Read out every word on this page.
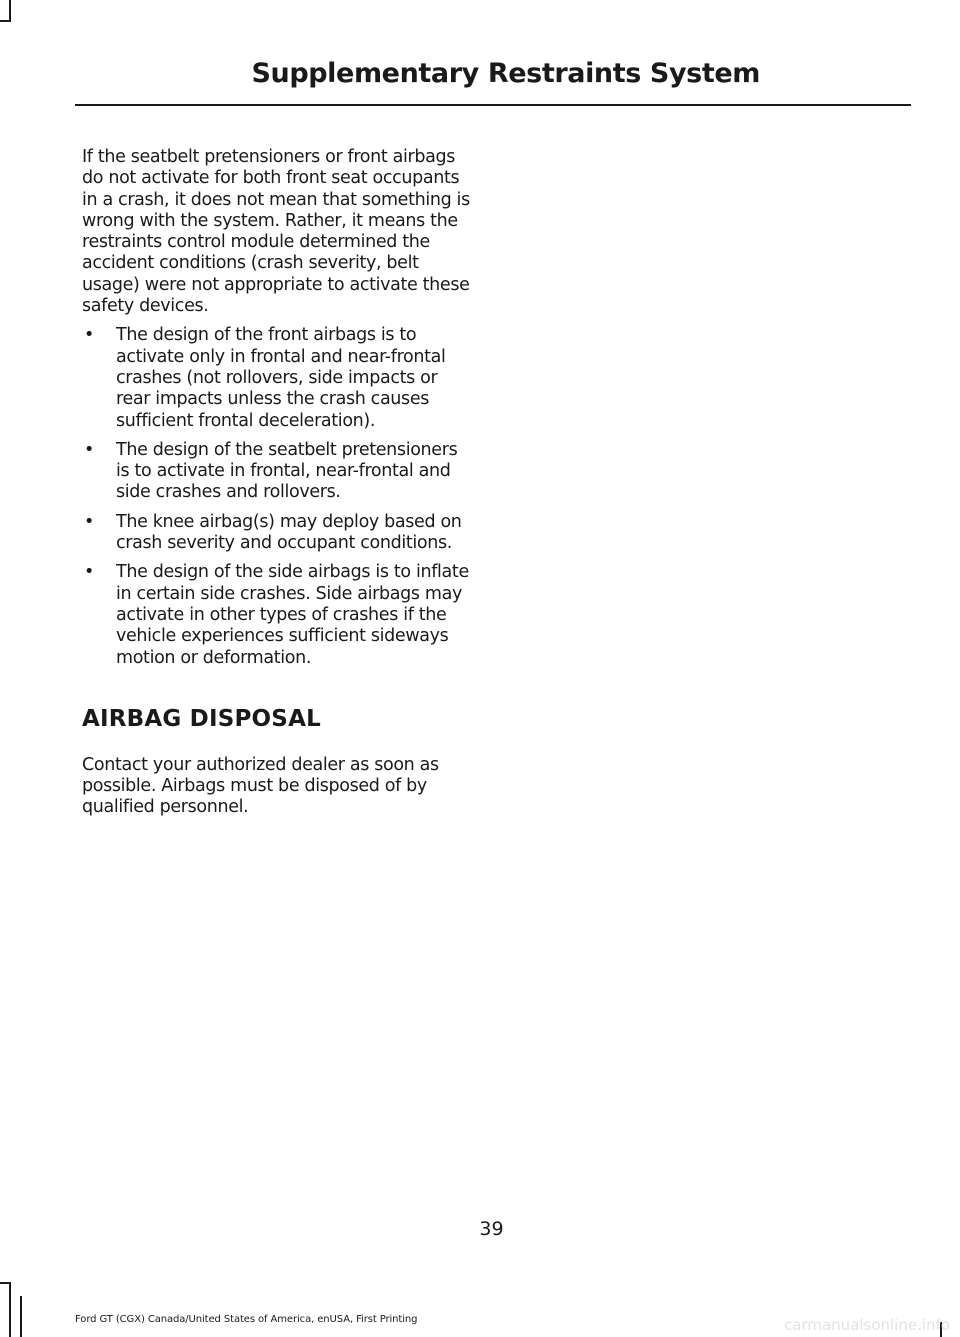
Supplementary Restraints System

If the seatbelt pretensioners or front airbags do not activate for both front seat occupants in a crash, it does not mean that something is wrong with the system. Rather, it means the restraints control module determined the accident conditions (crash severity, belt usage) were not appropriate to activate these safety devices.

• The design of the front airbags is to activate only in frontal and near-frontal crashes (not rollovers, side impacts or rear impacts unless the crash causes sufficient frontal deceleration).
• The design of the seatbelt pretensioners is to activate in frontal, near-frontal and side crashes and rollovers.
• The knee airbag(s) may deploy based on crash severity and occupant conditions.
• The design of the side airbags is to inflate in certain side crashes. Side airbags may activate in other types of crashes if the vehicle experiences sufficient sideways motion or deformation.
AIRBAG DISPOSAL

Contact your authorized dealer as soon as possible. Airbags must be disposed of by qualified personnel.

39
Ford GT (CGX) Canada/United States of America, enUSA, First Printing	carmanualsonline.info
